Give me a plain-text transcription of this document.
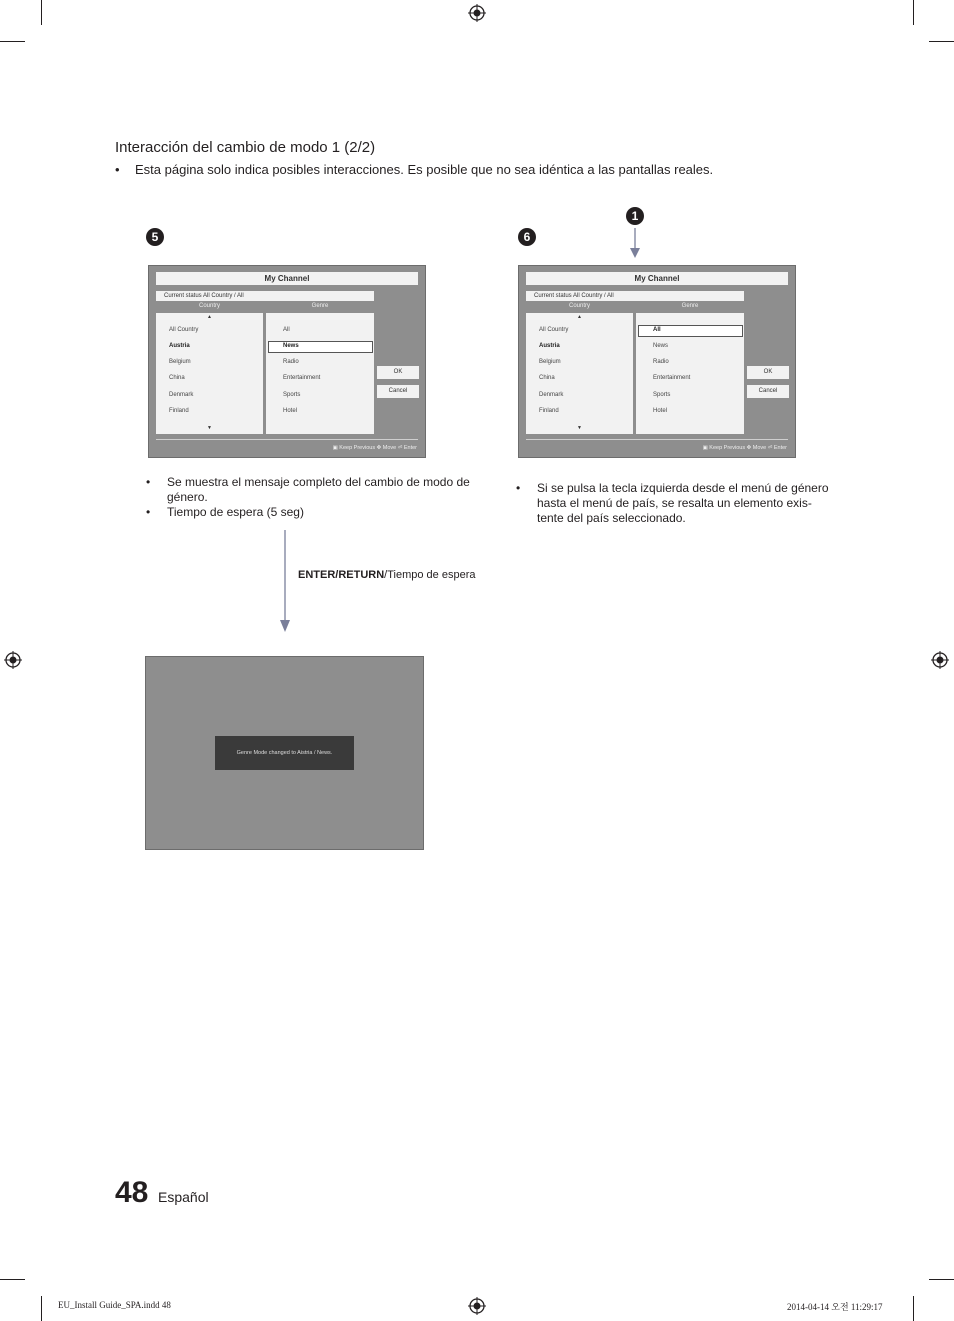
Interacción del cambio de modo 1 (2/2)
• Esta página solo indica posibles interacciones. Es posible que no sea idéntica a las pantallas reales.
5	6
1
My Channel
Current status All Country / All
Country	Genre
▲
All Country
Austria
Belgium
China
Denmark
Finland
▼
All
News
Radio
Entertainment
Sports
Hotel
OK
Cancel
▣ Keep Previous ✥ Move ⏎ Enter
My Channel
Current status All Country / All
Country	Genre
▲
All Country
Austria
Belgium
China
Denmark
Finland
▼
All
News
Radio
Entertainment
Sports
Hotel
OK
Cancel
▣ Keep Previous ✥ Move ⏎ Enter
• Se muestra el mensaje completo del cambio de modo de género.
• Tiempo de espera (5 seg)
• Si se pulsa la tecla izquierda desde el menú de género hasta el menú de país, se resalta un elemento exis-tente del país seleccionado.
ENTER/RETURN/Tiempo de espera
Genre Mode changed to Aistria / News.
48 Español
EU_Install Guide_SPA.indd 48	2014-04-14 오전 11:29:17
